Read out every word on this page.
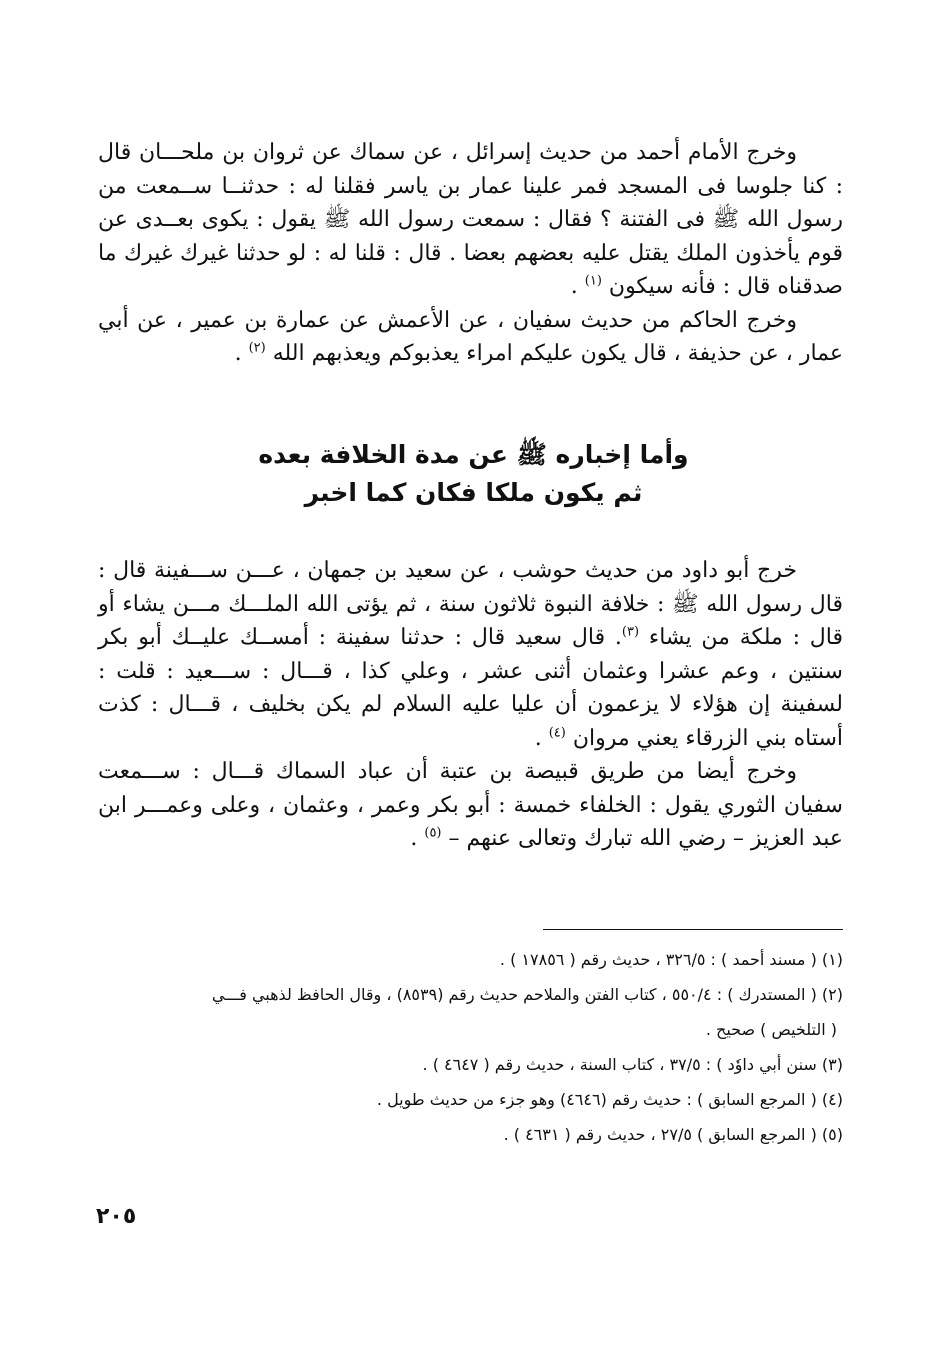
وخرج الأمام أحمد من حديث إسرائل ، عن سماك عن ثروان بن ملحـــان قال : كنا جلوسا فى المسجد فمر علينا عمار بن ياسر فقلنا له : حدثنــا ســمعت من رسول الله ﷺ فى الفتنة ؟ فقال : سمعت رسول الله ﷺ يقول : يكوى بعــدى عن قوم يأخذون الملك يقتل عليه بعضهم بعضا . قال : قلنا له : لو حدثنا غيرك غيرك ما صدقناه قال : فأنه سيكون $^{(١)}$ .

وخرج الحاكم من حديث سفيان ، عن الأعمش عن عمارة بن عمير ، عن أبي عمار ، عن حذيفة ، قال يكون عليكم امراء يعذبوكم ويعذبهم الله $^{(٢)}$ .

وأما إخباره ﷺ عن مدة الخلافة بعده
ثم يكون ملكا فكان كما اخبر

خرج أبو داود من حديث حوشب ، عن سعيد بن جمهان ، عـــن ســـفينة قال : قال رسول الله ﷺ : خلافة النبوة ثلاثون سنة ، ثم يؤتى الله الملـــك مـــن يشاء أو قال : ملكة من يشاء $^{(٣)}$. قال سعيد قال : حدثنا سفينة : أمســك عليــك أبو بكر سنتين ، وعم عشرا وعثمان أثنى عشر ، وعلي كذا ، قـــال : ســـعيد : قلت : لسفينة إن هؤلاء لا يزعمون أن عليا عليه السلام لم يكن بخليف ، قـــال : كذت أستاه بني الزرقاء يعني مروان $^{(٤)}$ .

وخرج أيضا من طريق قبيصة بن عتبة أن عباد السماك قـــال : ســـمعت سفيان الثوري يقول : الخلفاء خمسة : أبو بكر وعمر ، وعثمان ، وعلى وعمـــر ابن عبد العزيز – رضي الله تبارك وتعالى عنهم – $^{(٥)}$ .

(١) ( مسند أحمد ) : ٣٢٦/٥ ، حديث رقم ( ١٧٨٥٦ ) .

(٢) ( المستدرك ) : ٥٥٠/٤ ، كتاب الفتن والملاحم حديث رقم (٨٥٣٩) ، وقال الحافظ لذهبي فـــي

( التلخيص ) صحيح .

(٣) سنن أبي داوٗد ) : ٣٧/٥ ، كتاب السنة ، حديث رقم ( ٤٦٤٧ ) .

(٤) ( المرجع السابق ) : حديث رقم (٤٦٤٦) وهو جزء من حديث طويل .

(٥) ( المرجع السابق ) ٢٧/٥ ، حديث رقم ( ٤٦٣١ ) .

٢٠٥
